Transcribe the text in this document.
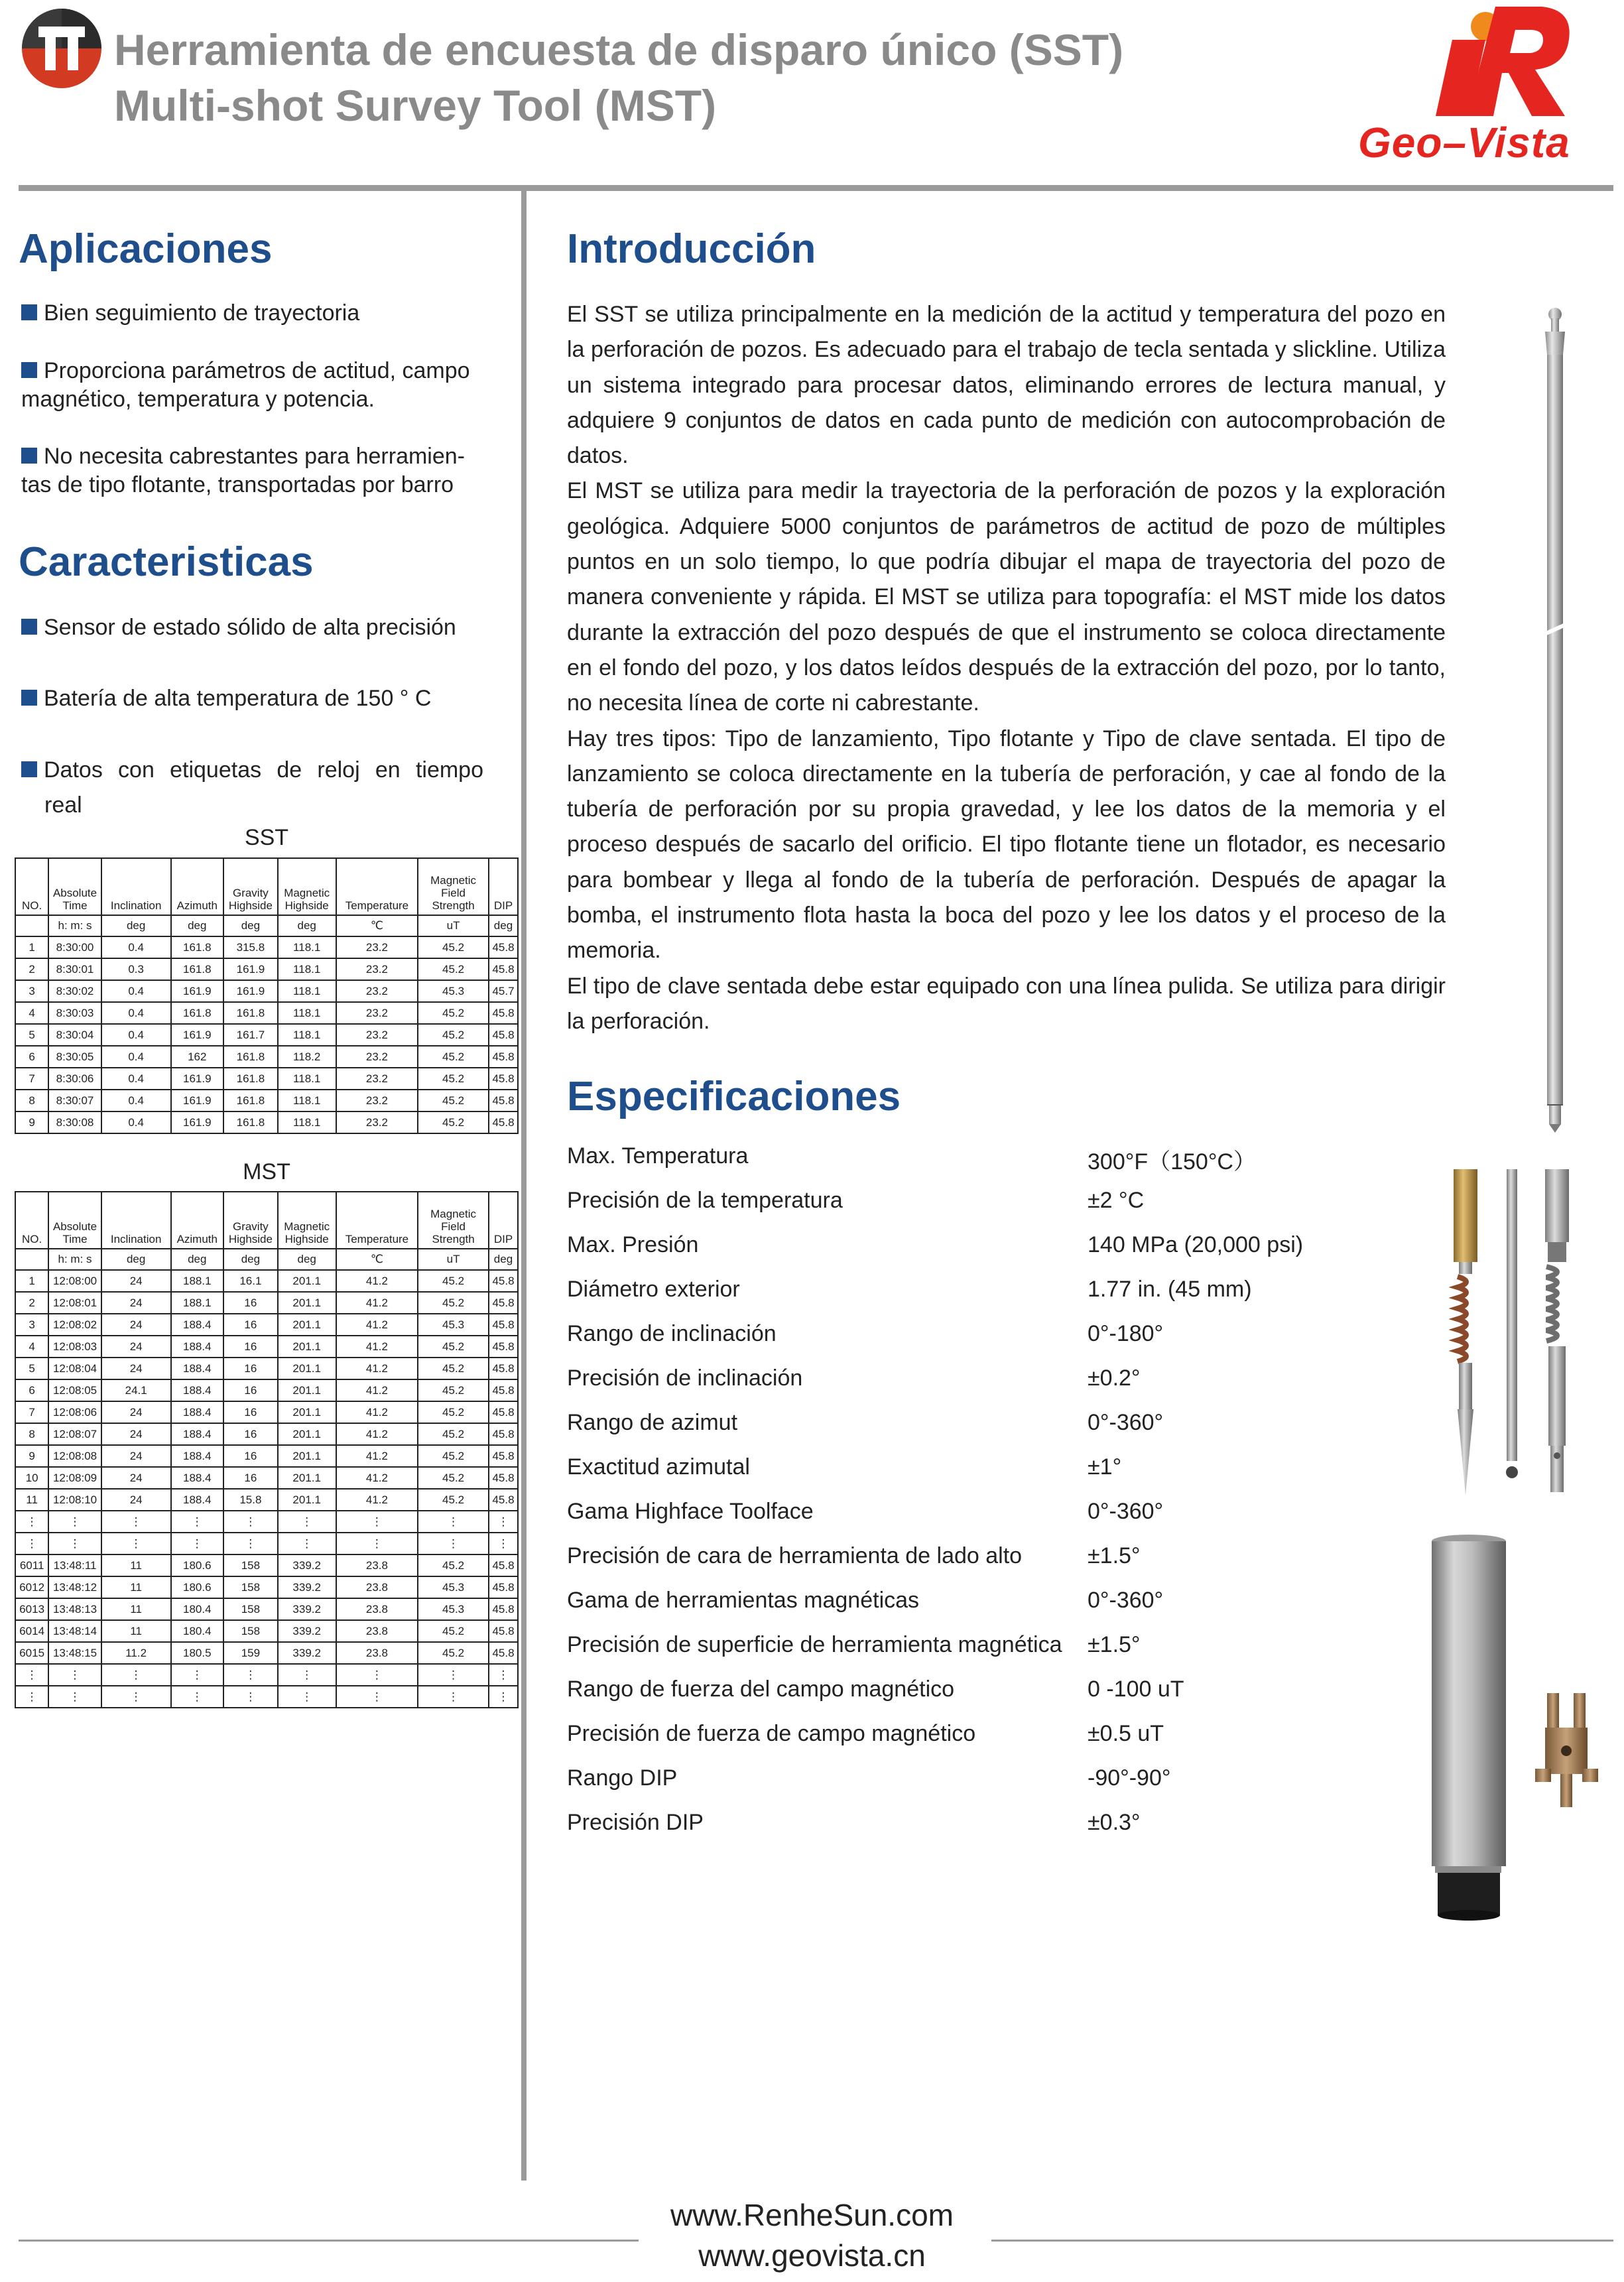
Herramienta de encuesta de disparo único (SST)
Multi-shot Survey Tool (MST)
Geo–Vista
Aplicaciones
Bien seguimiento de trayectoria
Proporciona parámetros de actitud, campo
magnético, temperatura y potencia.
No necesita cabrestantes para herramien-
tas de tipo flotante, transportadas por barro
Caracteristicas
Sensor de estado sólido de alta precisión
Batería de alta temperatura de 150 ° C
Datos con etiquetas de reloj en tiempo
real
SST
NO.	Absolute Time	Inclination	Azimuth	Gravity Highside	Magnetic Highside	Temperature	Magnetic Field Strength	DIP
	h: m: s	deg	deg	deg	deg	℃	uT	deg
1	8:30:00	0.4	161.8	315.8	118.1	23.2	45.2	45.8
2	8:30:01	0.3	161.8	161.9	118.1	23.2	45.2	45.8
3	8:30:02	0.4	161.9	161.9	118.1	23.2	45.3	45.7
4	8:30:03	0.4	161.8	161.8	118.1	23.2	45.2	45.8
5	8:30:04	0.4	161.9	161.7	118.1	23.2	45.2	45.8
6	8:30:05	0.4	162	161.8	118.2	23.2	45.2	45.8
7	8:30:06	0.4	161.9	161.8	118.1	23.2	45.2	45.8
8	8:30:07	0.4	161.9	161.8	118.1	23.2	45.2	45.8
9	8:30:08	0.4	161.9	161.8	118.1	23.2	45.2	45.8
MST
NO.	Absolute Time	Inclination	Azimuth	Gravity Highside	Magnetic Highside	Temperature	Magnetic Field Strength	DIP
	h: m: s	deg	deg	deg	deg	℃	uT	deg
1	12:08:00	24	188.1	16.1	201.1	41.2	45.2	45.8
2	12:08:01	24	188.1	16	201.1	41.2	45.2	45.8
3	12:08:02	24	188.4	16	201.1	41.2	45.3	45.8
4	12:08:03	24	188.4	16	201.1	41.2	45.2	45.8
5	12:08:04	24	188.4	16	201.1	41.2	45.2	45.8
6	12:08:05	24.1	188.4	16	201.1	41.2	45.2	45.8
7	12:08:06	24	188.4	16	201.1	41.2	45.2	45.8
8	12:08:07	24	188.4	16	201.1	41.2	45.2	45.8
9	12:08:08	24	188.4	16	201.1	41.2	45.2	45.8
10	12:08:09	24	188.4	16	201.1	41.2	45.2	45.8
11	12:08:10	24	188.4	15.8	201.1	41.2	45.2	45.8
⋮	⋮	⋮	⋮	⋮	⋮	⋮	⋮	⋮
⋮	⋮	⋮	⋮	⋮	⋮	⋮	⋮	⋮
6011	13:48:11	11	180.6	158	339.2	23.8	45.2	45.8
6012	13:48:12	11	180.6	158	339.2	23.8	45.3	45.8
6013	13:48:13	11	180.4	158	339.2	23.8	45.3	45.8
6014	13:48:14	11	180.4	158	339.2	23.8	45.2	45.8
6015	13:48:15	11.2	180.5	159	339.2	23.8	45.2	45.8
⋮	⋮	⋮	⋮	⋮	⋮	⋮	⋮	⋮
⋮	⋮	⋮	⋮	⋮	⋮	⋮	⋮	⋮
Introducción

El SST se utiliza principalmente en la medición de la actitud y temperatura del pozo en la perforación de pozos. Es adecuado para el trabajo de tecla sentada y slickline. Utiliza un sistema integrado para procesar datos, eliminando errores de lectura manual, y adquiere 9 conjuntos de datos en cada punto de medición con autocomprobación de datos.

El MST se utiliza para medir la trayectoria de la perforación de pozos y la exploración geológica. Adquiere 5000 conjuntos de parámetros de actitud de pozo de múltiples puntos en un solo tiempo, lo que podría dibujar el mapa de trayectoria del pozo de manera conveniente y rápida. El MST se utiliza para topografía: el MST mide los datos durante la extracción del pozo después de que el instrumento se coloca directamente en el fondo del pozo, y los datos leídos después de la extracción del pozo, por lo tanto, no necesita línea de corte ni cabrestante.

Hay tres tipos: Tipo de lanzamiento, Tipo flotante y Tipo de clave sentada. El tipo de lanzamiento se coloca directamente en la tubería de perforación, y cae al fondo de la tubería de perforación por su propia gravedad, y lee los datos de la memoria y el proceso después de sacarlo del orificio. El tipo flotante tiene un flotador, es necesario para bombear y llega al fondo de la tubería de perforación. Después de apagar la bomba, el instrumento flota hasta la boca del pozo y lee los datos y el proceso de la memoria.

El tipo de clave sentada debe estar equipado con una línea pulida. Se utiliza para dirigir la perforación.

Especificaciones
Max. Temperatura	300°F（150°C）
Precisión de la temperatura	±2 °C
Max. Presión	140 MPa (20,000 psi)
Diámetro exterior	1.77 in. (45 mm)
Rango de inclinación	0°-180°
Precisión de inclinación	±0.2°
Rango de azimut	0°-360°
Exactitud azimutal	±1°
Gama Highface Toolface	0°-360°
Precisión de cara de herramienta de lado alto	±1.5°
Gama de herramientas magnéticas	0°-360°
Precisión de superficie de herramienta magnética ±1.5°
Rango de fuerza del campo magnético	0 -100 uT
Precisión de fuerza de campo magnético	±0.5 uT
Rango DIP	-90°-90°
Precisión DIP	±0.3°
www.RenheSun.com
www.geovista.cn
